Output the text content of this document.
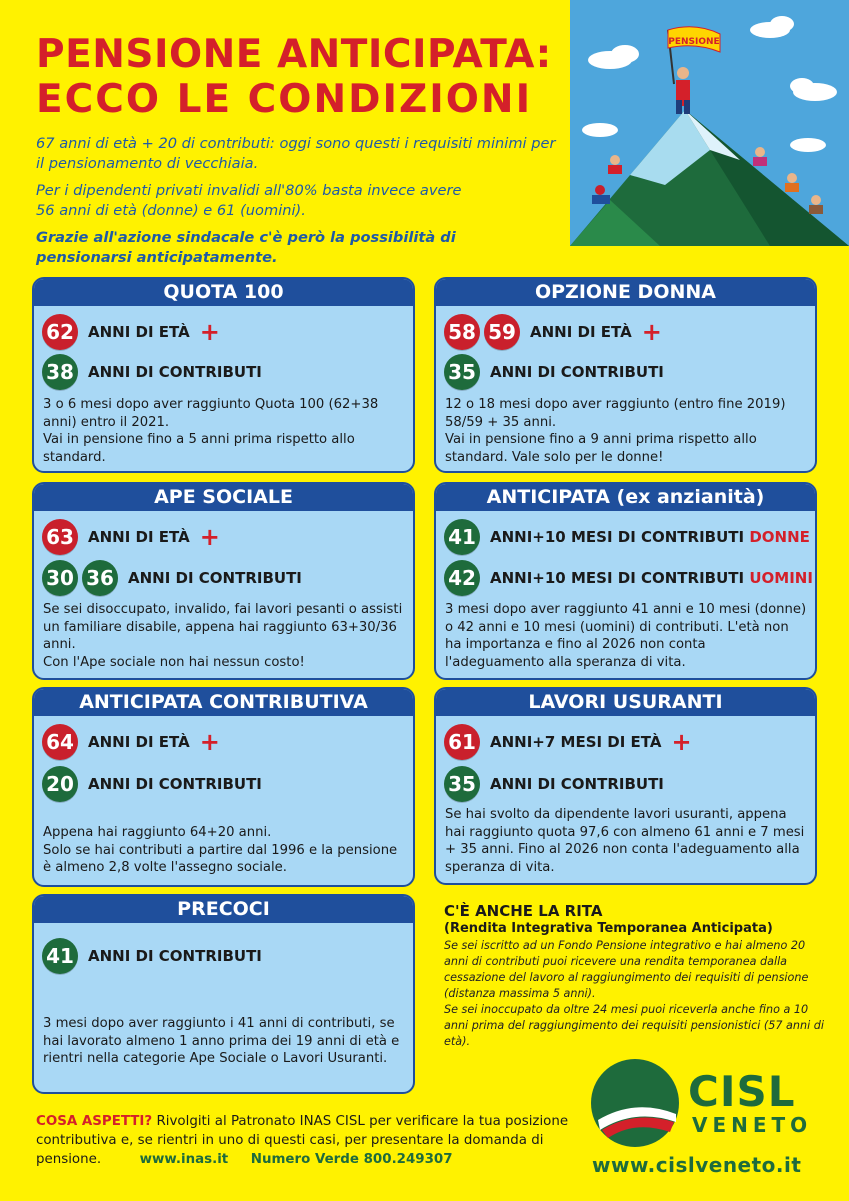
PENSIONE ANTICIPATA:
ECCO LE CONDIZIONI

67 anni di età + 20 di contributi: oggi sono questi i requisiti minimi per il pensionamento di vecchiaia.

Per i dipendenti privati invalidi all'80% basta invece avere
56 anni di età (donne) e 61 (uomini).

Grazie all'azione sindacale c'è però la possibilità di pensionarsi anticipatamente.

PENSIONE
QUOTA 100
62 ANNI DI ETÀ +
38 ANNI DI CONTRIBUTI

3 o 6 mesi dopo aver raggiunto Quota 100 (62+38 anni) entro il 2021.

Vai in pensione fino a 5 anni prima rispetto allo standard.

OPZIONE DONNA
58 59 ANNI DI ETÀ +
35 ANNI DI CONTRIBUTI

12 o 18 mesi dopo aver raggiunto (entro fine 2019) 58/59 + 35 anni.

Vai in pensione fino a 9 anni prima rispetto allo standard. Vale solo per le donne!

APE SOCIALE
63 ANNI DI ETÀ +
30 36 ANNI DI CONTRIBUTI

Se sei disoccupato, invalido, fai lavori pesanti o assisti un familiare disabile, appena hai raggiunto 63+30/36 anni.

Con l'Ape sociale non hai nessun costo!

ANTICIPATA (ex anzianità)
41 ANNI+10 MESI DI CONTRIBUTI DONNE
42 ANNI+10 MESI DI CONTRIBUTI UOMINI

3 mesi dopo aver raggiunto 41 anni e 10 mesi (donne) o 42 anni e 10 mesi (uomini) di contributi. L'età non ha importanza e fino al 2026 non conta l'adeguamento alla speranza di vita.

ANTICIPATA CONTRIBUTIVA
64 ANNI DI ETÀ +
20 ANNI DI CONTRIBUTI

Appena hai raggiunto 64+20 anni.

Solo se hai contributi a partire dal 1996 e la pensione è almeno 2,8 volte l'assegno sociale.

LAVORI USURANTI
61 ANNI+7 MESI DI ETÀ +
35 ANNI DI CONTRIBUTI

Se hai svolto da dipendente lavori usuranti, appena hai raggiunto quota 97,6 con almeno 61 anni e 7 mesi + 35 anni. Fino al 2026 non conta l'adeguamento alla speranza di vita.

PRECOCI
41 ANNI DI CONTRIBUTI

3 mesi dopo aver raggiunto i 41 anni di contributi, se hai lavorato almeno 1 anno prima dei 19 anni di età e rientri nella categorie Ape Sociale o Lavori Usuranti.

C'È ANCHE LA RITA
(Rendita Integrativa Temporanea Anticipata)

Se sei iscritto ad un Fondo Pensione integrativo e hai almeno 20 anni di contributi puoi ricevere una rendita temporanea dalla cessazione del lavoro al raggiungimento dei requisiti di pensione (distanza massima 5 anni).

Se sei inoccupato da oltre 24 mesi puoi riceverla anche fino a 10 anni prima del raggiungimento dei requisiti pensionistici (57 anni di età).

COSA ASPETTI? Rivolgiti al Patronato INAS CISL per verificare la tua posizione contributiva e, se rientri in uno di questi casi, per presentare la domanda di pensione.	www.inas.it Numero Verde 800.249307
CISL
VENETO
www.cislveneto.it
